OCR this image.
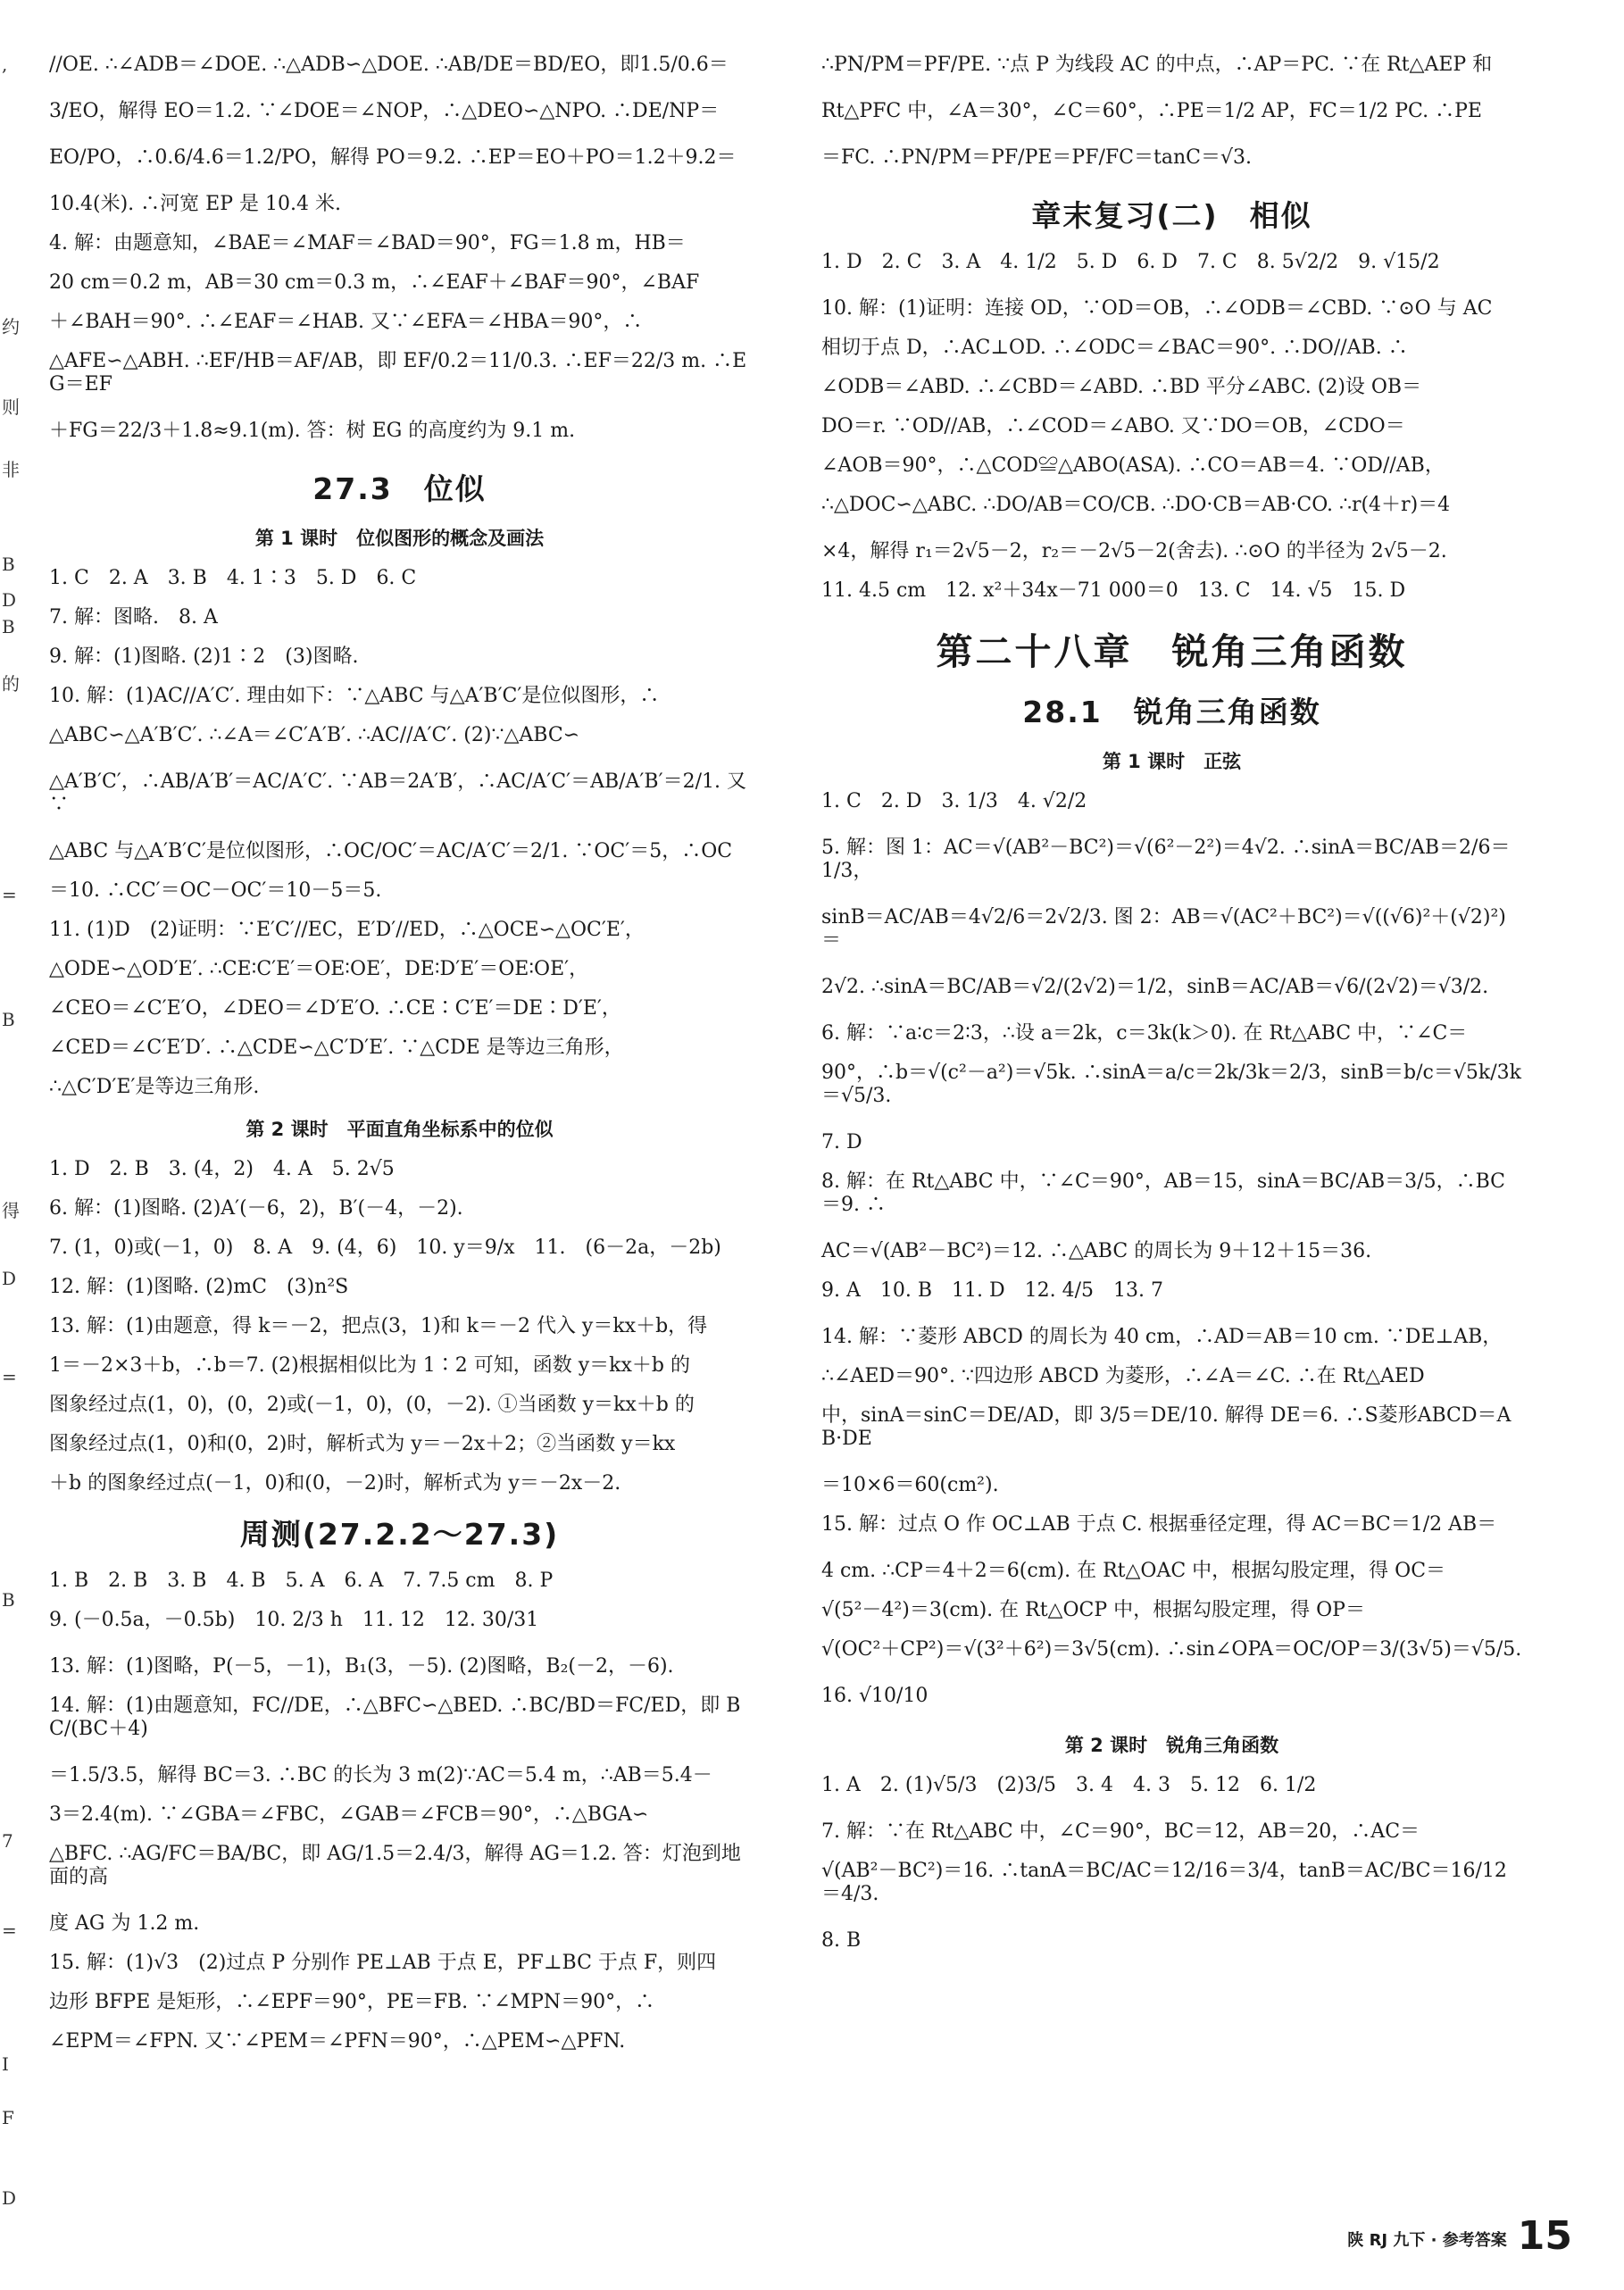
,
约
则
非
B
D
B
的
=
B
得
D
=
B
7
=
I
F
D

//OE. ∴∠ADB＝∠DOE. ∴△ADB∽△DOE. ∴AB/DE＝BD/EO，即1.5/0.6＝

3/EO，解得 EO＝1.2. ∵∠DOE＝∠NOP，∴△DEO∽△NPO. ∴DE/NP＝

EO/PO，∴0.6/4.6＝1.2/PO，解得 PO＝9.2. ∴EP＝EO＋PO＝1.2＋9.2＝

10.4(米). ∴河宽 EP 是 10.4 米.

4. 解：由题意知，∠BAE＝∠MAF＝∠BAD＝90°，FG＝1.8 m，HB＝

20 cm＝0.2 m，AB＝30 cm＝0.3 m，∴∠EAF＋∠BAF＝90°，∠BAF

＋∠BAH＝90°. ∴∠EAF＝∠HAB. 又∵∠EFA＝∠HBA＝90°，∴

△AFE∽△ABH. ∴EF/HB＝AF/AB，即 EF/0.2＝11/0.3. ∴EF＝22/3 m. ∴EG＝EF

＋FG＝22/3＋1.8≈9.1(m). 答：树 EG 的高度约为 9.1 m.

27.3　位似
第 1 课时　位似图形的概念及画法

1. C　2. A　3. B　4. 1∶3　5. D　6. C

7. 解：图略.　8. A

9. 解：(1)图略. (2)1∶2　(3)图略.

10. 解：(1)AC//A′C′. 理由如下：∵△ABC 与△A′B′C′是位似图形，∴

△ABC∽△A′B′C′. ∴∠A＝∠C′A′B′. ∴AC//A′C′. (2)∵△ABC∽

△A′B′C′，∴AB/A′B′＝AC/A′C′. ∵AB＝2A′B′，∴AC/A′C′＝AB/A′B′＝2/1. 又∵

△ABC 与△A′B′C′是位似图形，∴OC/OC′＝AC/A′C′＝2/1. ∵OC′＝5，∴OC

＝10. ∴CC′＝OC－OC′＝10－5＝5.

11. (1)D　(2)证明：∵E′C′//EC，E′D′//ED，∴△OCE∽△OC′E′，

△ODE∽△OD′E′. ∴CE∶C′E′＝OE∶OE′，DE∶D′E′＝OE∶OE′，

∠CEO＝∠C′E′O，∠DEO＝∠D′E′O. ∴CE∶C′E′＝DE∶D′E′，

∠CED＝∠C′E′D′. ∴△CDE∽△C′D′E′. ∵△CDE 是等边三角形，

∴△C′D′E′是等边三角形.

第 2 课时　平面直角坐标系中的位似

1. D　2. B　3. (4，2)　4. A　5. 2√5

6. 解：(1)图略. (2)A′(－6，2)，B′(－4，－2).

7. (1，0)或(－1，0)　8. A　9. (4，6)　10. y＝9/x　11.　(6－2a，－2b)

12. 解：(1)图略. (2)mC　(3)n²S

13. 解：(1)由题意，得 k＝－2，把点(3，1)和 k＝－2 代入 y＝kx＋b，得

1＝－2×3＋b，∴b＝7. (2)根据相似比为 1∶2 可知，函数 y＝kx＋b 的

图象经过点(1，0)，(0，2)或(－1，0)，(0，－2). ①当函数 y＝kx＋b 的

图象经过点(1，0)和(0，2)时，解析式为 y＝－2x＋2；②当函数 y＝kx

＋b 的图象经过点(－1，0)和(0，－2)时，解析式为 y＝－2x－2.

周测(27.2.2～27.3)

1. B　2. B　3. B　4. B　5. A　6. A　7. 7.5 cm　8. P

9. (－0.5a，－0.5b)　10. 2/3 h　11. 12　12. 30/31

13. 解：(1)图略，P(－5，－1)，B₁(3，－5). (2)图略，B₂(－2，－6).

14. 解：(1)由题意知，FC//DE，∴△BFC∽△BED. ∴BC/BD＝FC/ED，即 BC/(BC＋4)

＝1.5/3.5，解得 BC＝3. ∴BC 的长为 3 m(2)∵AC＝5.4 m，∴AB＝5.4－

3＝2.4(m). ∵∠GBA＝∠FBC，∠GAB＝∠FCB＝90°，∴△BGA∽

△BFC. ∴AG/FC＝BA/BC，即 AG/1.5＝2.4/3，解得 AG＝1.2. 答：灯泡到地面的高

度 AG 为 1.2 m.

15. 解：(1)√3　(2)过点 P 分别作 PE⊥AB 于点 E，PF⊥BC 于点 F，则四

边形 BFPE 是矩形，∴∠EPF＝90°，PE＝FB. ∵∠MPN＝90°，∴

∠EPM＝∠FPN. 又∵∠PEM＝∠PFN＝90°，∴△PEM∽△PFN.

∴PN/PM＝PF/PE. ∵点 P 为线段 AC 的中点，∴AP＝PC. ∵在 Rt△AEP 和

Rt△PFC 中，∠A＝30°，∠C＝60°，∴PE＝1/2 AP，FC＝1/2 PC. ∴PE

＝FC. ∴PN/PM＝PF/PE＝PF/FC＝tanC＝√3.

章末复习(二)　相似

1. D　2. C　3. A　4. 1/2　5. D　6. D　7. C　8. 5√2/2　9. √15/2

10. 解：(1)证明：连接 OD，∵OD＝OB，∴∠ODB＝∠CBD. ∵⊙O 与 AC

相切于点 D，∴AC⊥OD. ∴∠ODC＝∠BAC＝90°. ∴DO//AB. ∴

∠ODB＝∠ABD. ∴∠CBD＝∠ABD. ∴BD 平分∠ABC. (2)设 OB＝

DO＝r. ∵OD//AB，∴∠COD＝∠ABO. 又∵DO＝OB，∠CDO＝

∠AOB＝90°，∴△COD≌△ABO(ASA). ∴CO＝AB＝4. ∵OD//AB，

∴△DOC∽△ABC. ∴DO/AB＝CO/CB. ∴DO·CB＝AB·CO. ∴r(4＋r)＝4

×4，解得 r₁＝2√5－2，r₂＝－2√5－2(舍去). ∴⊙O 的半径为 2√5－2.

11. 4.5 cm　12. x²＋34x－71 000＝0　13. C　14. √5　15. D

第二十八章　锐角三角函数
28.1　锐角三角函数
第 1 课时　正弦

1. C　2. D　3. 1/3　4. √2/2

5. 解：图 1：AC＝√(AB²－BC²)＝√(6²－2²)＝4√2. ∴sinA＝BC/AB＝2/6＝1/3，

sinB＝AC/AB＝4√2/6＝2√2/3. 图 2：AB＝√(AC²＋BC²)＝√((√6)²＋(√2)²)＝

2√2. ∴sinA＝BC/AB＝√2/(2√2)＝1/2，sinB＝AC/AB＝√6/(2√2)＝√3/2.

6. 解：∵a∶c＝2∶3，∴设 a＝2k，c＝3k(k＞0). 在 Rt△ABC 中，∵∠C＝

90°，∴b＝√(c²－a²)＝√5k. ∴sinA＝a/c＝2k/3k＝2/3，sinB＝b/c＝√5k/3k＝√5/3.

7. D

8. 解：在 Rt△ABC 中，∵∠C＝90°，AB＝15，sinA＝BC/AB＝3/5，∴BC＝9. ∴

AC＝√(AB²－BC²)＝12. ∴△ABC 的周长为 9＋12＋15＝36.

9. A　10. B　11. D　12. 4/5　13. 7

14. 解：∵菱形 ABCD 的周长为 40 cm，∴AD＝AB＝10 cm. ∵DE⊥AB，

∴∠AED＝90°. ∵四边形 ABCD 为菱形，∴∠A＝∠C. ∴在 Rt△AED

中，sinA＝sinC＝DE/AD，即 3/5＝DE/10. 解得 DE＝6. ∴S菱形ABCD＝AB·DE

＝10×6＝60(cm²).

15. 解：过点 O 作 OC⊥AB 于点 C. 根据垂径定理，得 AC＝BC＝1/2 AB＝

4 cm. ∴CP＝4＋2＝6(cm). 在 Rt△OAC 中，根据勾股定理，得 OC＝

√(5²－4²)＝3(cm). 在 Rt△OCP 中，根据勾股定理，得 OP＝

√(OC²＋CP²)＝√(3²＋6²)＝3√5(cm). ∴sin∠OPA＝OC/OP＝3/(3√5)＝√5/5.

16. √10/10

第 2 课时　锐角三角函数

1. A　2. (1)√5/3　(2)3/5　3. 4　4. 3　5. 12　6. 1/2

7. 解：∵在 Rt△ABC 中，∠C＝90°，BC＝12，AB＝20，∴AC＝

√(AB²－BC²)＝16. ∴tanA＝BC/AC＝12/16＝3/4，tanB＝AC/BC＝16/12＝4/3.

8. B

陕 RJ 九下 · 参考答案 15
